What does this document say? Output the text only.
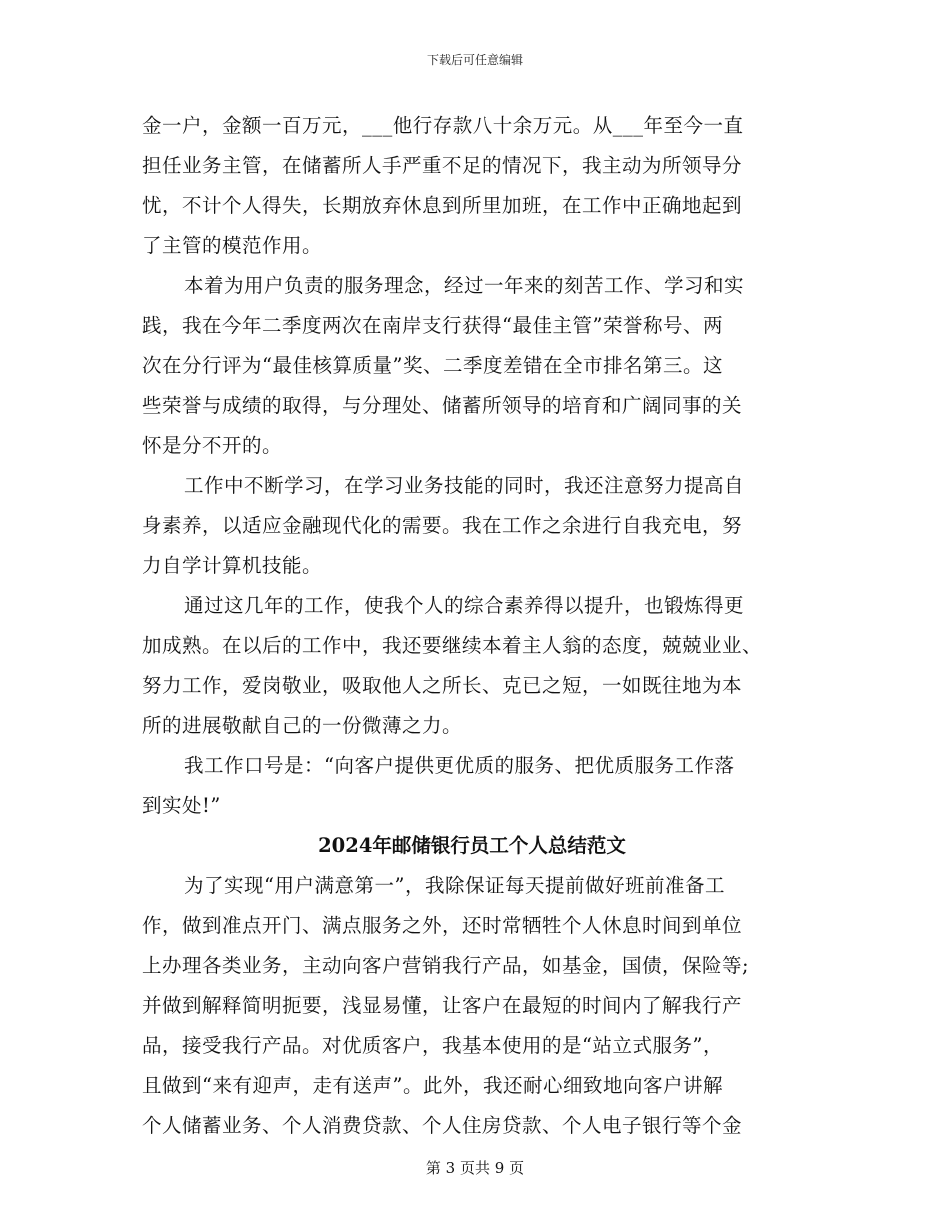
下载后可任意编辑
金一户，金额一百万元，___他行存款八十余万元。从___年至今一直
担任业务主管，在储蓄所人手严重不足的情况下，我主动为所领导分
忧，不计个人得失，长期放弃休息到所里加班，在工作中正确地起到
了主管的模范作用。
本着为用户负责的服务理念，经过一年来的刻苦工作、学习和实
践，我在今年二季度两次在南岸支行获得“最佳主管”荣誉称号、两
次在分行评为“最佳核算质量”奖、二季度差错在全市排名第三。这
些荣誉与成绩的取得，与分理处、储蓄所领导的培育和广阔同事的关
怀是分不开的。
工作中不断学习，在学习业务技能的同时，我还注意努力提高自
身素养，以适应金融现代化的需要。我在工作之余进行自我充电，努
力自学计算机技能。
通过这几年的工作，使我个人的综合素养得以提升，也锻炼得更
加成熟。在以后的工作中，我还要继续本着主人翁的态度，兢兢业业、
努力工作，爱岗敬业，吸取他人之所长、克已之短，一如既往地为本
所的进展敬献自己的一份微薄之力。
我工作口号是：“向客户提供更优质的服务、把优质服务工作落
到实处!”
2024年邮储银行员工个人总结范文
为了实现“用户满意第一”，我除保证每天提前做好班前准备工
作，做到准点开门、满点服务之外，还时常牺牲个人休息时间到单位
上办理各类业务，主动向客户营销我行产品，如基金，国债，保险等;
并做到解释简明扼要，浅显易懂，让客户在最短的时间内了解我行产
品，接受我行产品。对优质客户，我基本使用的是“站立式服务”，
且做到“来有迎声，走有送声”。此外，我还耐心细致地向客户讲解
个人储蓄业务、个人消费贷款、个人住房贷款、个人电子银行等个金
第 3 页共 9 页
